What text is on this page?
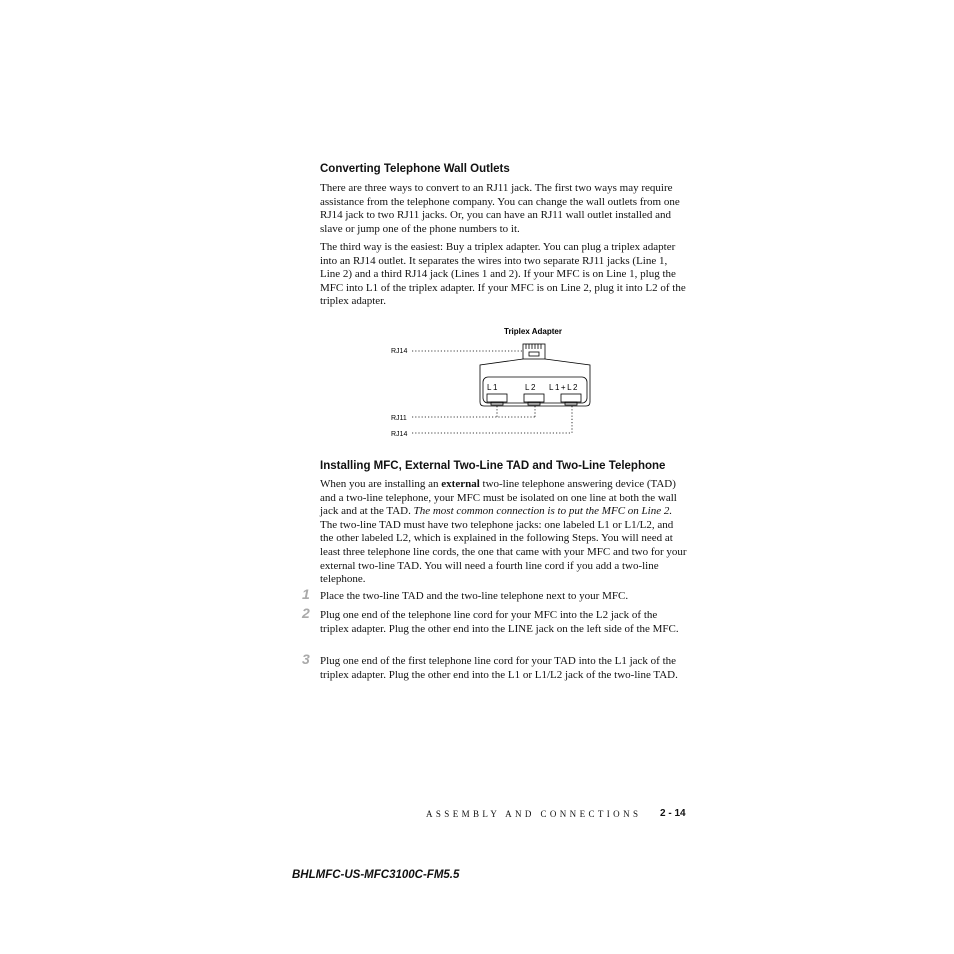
Converting Telephone Wall Outlets

There are three ways to convert to an RJ11 jack. The first two ways may require assistance from the telephone company. You can change the wall outlets from one RJ14 jack to two RJ11 jacks. Or, you can have an RJ11 wall outlet installed and slave or jump one of the phone numbers to it.

The third way is the easiest: Buy a triplex adapter. You can plug a triplex adapter into an RJ14 outlet. It separates the wires into two separate RJ11 jacks (Line 1, Line 2) and a third RJ14 jack (Lines 1 and 2). If your MFC is on Line 1, plug the MFC into L1 of the triplex adapter. If your MFC is on Line 2, plug it into L2 of the triplex adapter.

Triplex Adapter
RJ14
RJ11
RJ14
L1	L2 L1+L2
Installing MFC, External Two-Line TAD and Two-Line Telephone

When you are installing an external two-line telephone answering device (TAD) and a two-line telephone, your MFC must be isolated on one line at both the wall jack and at the TAD. The most common connection is to put the MFC on Line 2. The two-line TAD must have two telephone jacks: one labeled L1 or L1/L2, and the other labeled L2, which is explained in the following Steps. You will need at least three telephone line cords, the one that came with your MFC and two for your external two-line TAD. You will need a fourth line cord if you add a two-line telephone.

1 Place the two-line TAD and the two-line telephone next to your MFC.

2 Plug one end of the telephone line cord for your MFC into the L2 jack of the triplex adapter. Plug the other end into the LINE jack on the left side of the MFC.

3 Plug one end of the first telephone line cord for your TAD into the L1 jack of the triplex adapter. Plug the other end into the L1 or L1/L2 jack of the two-line TAD.

ASSEMBLY AND CONNECTIONS 2 - 14
BHLMFC-US-MFC3100C-FM5.5
